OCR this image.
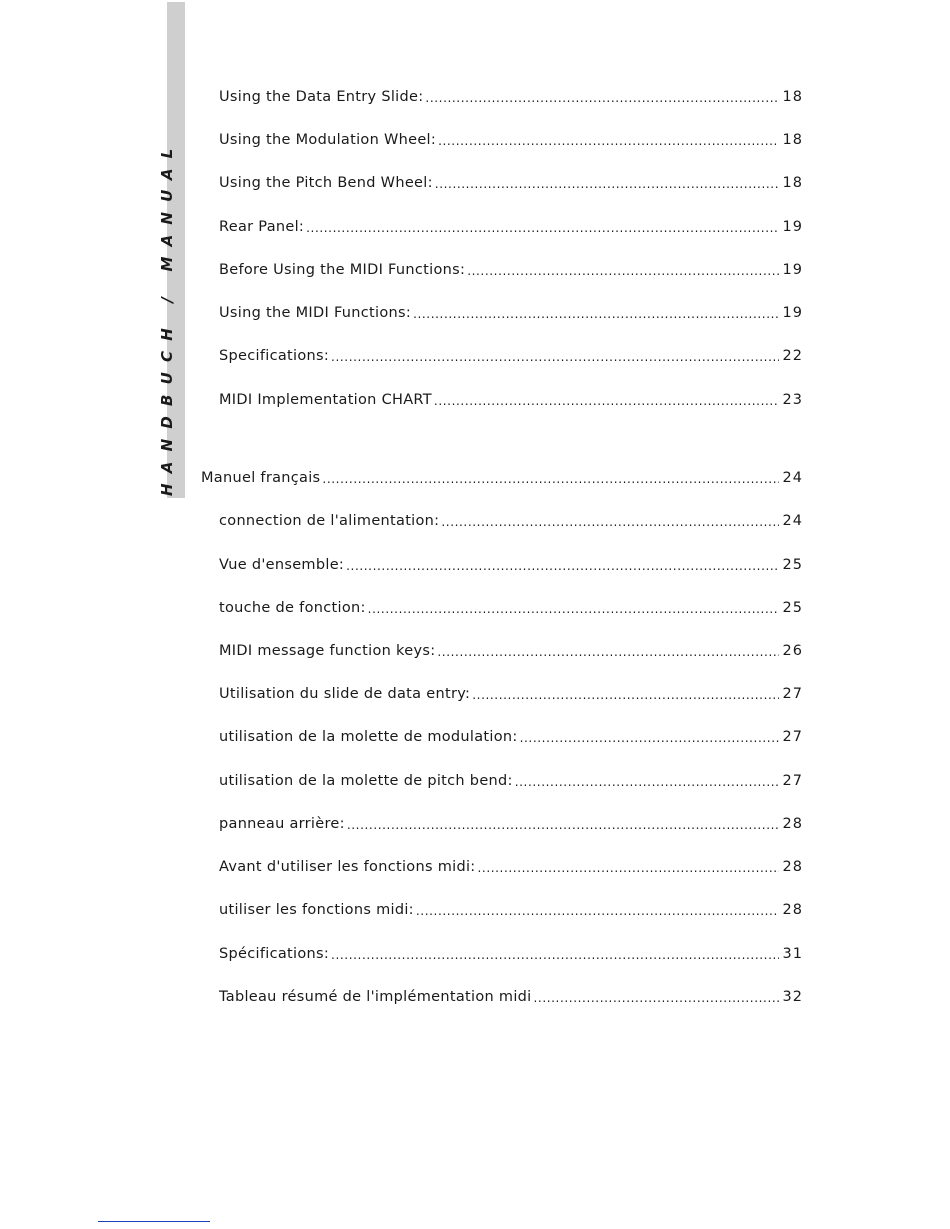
HANDBUCH / MANUAL
Using the Data Entry Slide: .....	18
Using the Modulation Wheel: .....	18
Using the Pitch Bend Wheel: .....	18
Rear Panel: .....	19
Before Using the MIDI Functions: .....	19
Using the MIDI Functions: .....	19
Specifications: .....	22
MIDI Implementation CHART .....	23
Manuel français .....	24
connection de l'alimentation: .....	24
Vue d'ensemble: .....	25
touche de fonction: .....	25
MIDI message function keys: .....	26
Utilisation du slide de data entry: .....	27
utilisation de la molette de modulation: .....	27
utilisation de la molette de pitch bend: .....	27
panneau arrière: .....	28
Avant d'utiliser les fonctions midi: .....	28
utiliser les fonctions midi: .....	28
Spécifications: .....	31
Tableau résumé de l'implémentation midi .....	32
